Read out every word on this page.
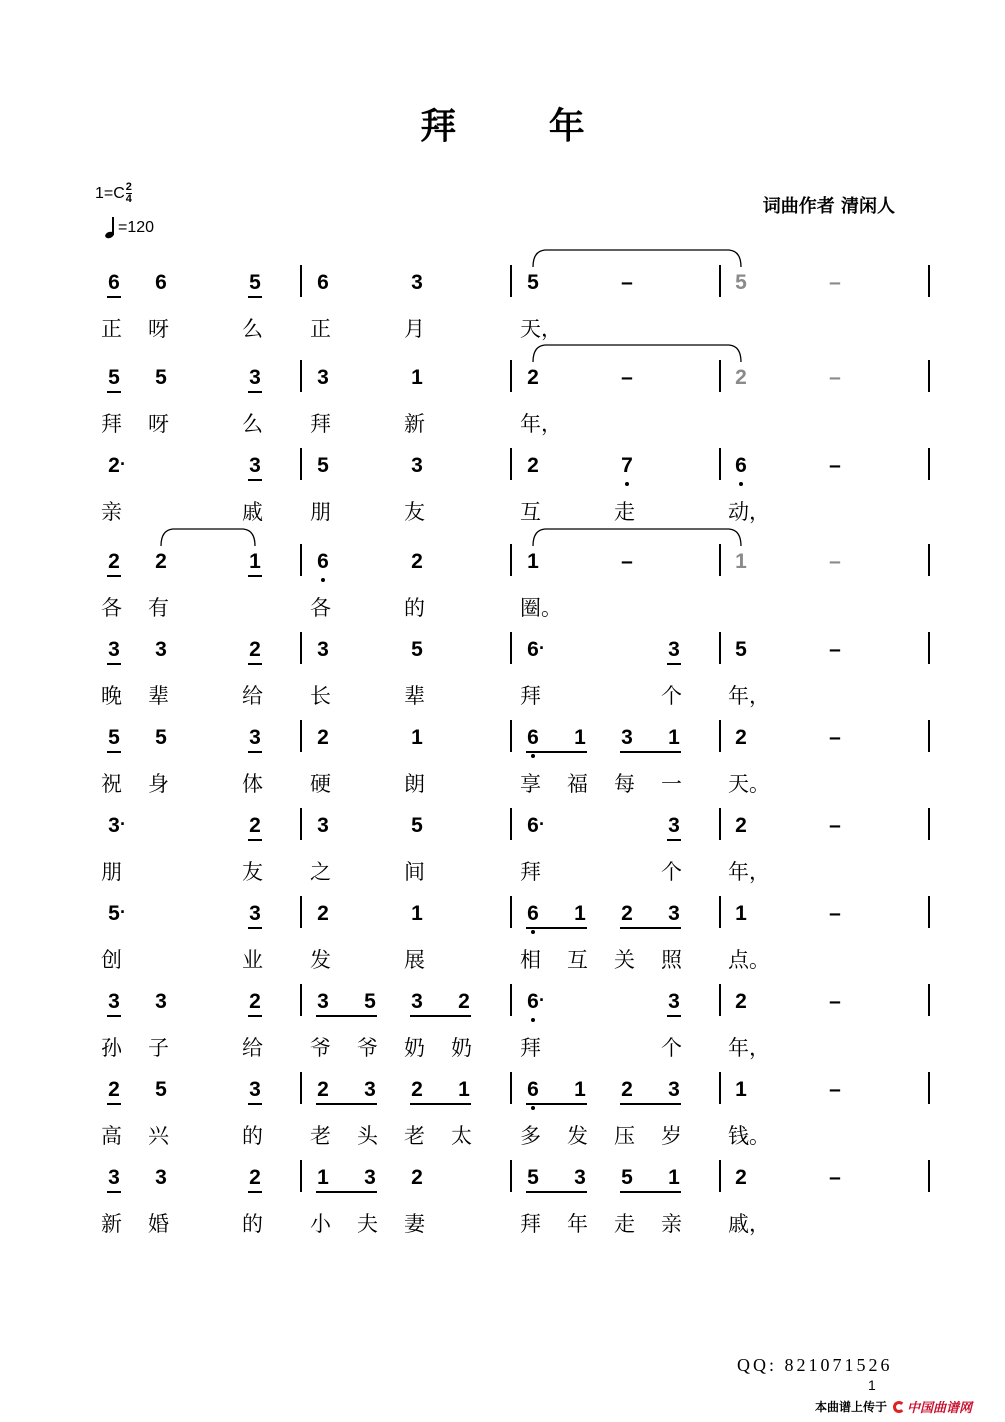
拜 年
$1=C \frac{2}{4}$
=120
词曲作者 清闲人
6 6	5	6	3	5	–	5	–
正	呀	么	正	月	天，
5 5	3	3	1	2	–	2	–
拜	呀	么	拜	新	年，
2 ·	3	5	3	2	7	6	–
亲	戚	朋	友	互	走	动，
2 2	1	6	2	1	–	1	–
各	有	各	的	圈。
3 3	2	3	5	6 ·	3	5	–
晚	辈	给	长	辈	拜	个	年，
5 5	3	2	1	6 1 3 1	2	–
祝	身	体	硬	朗	享	福	每	一	天。
3 ·	2	3	5	6 ·	3	2	–
朋	友	之	间	拜	个	年，
5 ·	3	2	1	6 1 2 3	1	–
创	业	发	展	相	互	关	照	点。
3 3	2	3 5 3 2	6 ·	3	2	–
孙	子	给	爷	爷	奶	奶	拜	个	年，
2 5	3	2 3 2 1	6 1 2 3	1	–
高	兴	的	老	头	老	太	多	发	压	岁	钱。
3 3	2	1 3 2	5 3 5 1	2	–
新	婚	的	小	夫	妻	拜	年	走	亲	戚，
QQ: 821071526
1
本曲谱上传于 中国曲谱网
